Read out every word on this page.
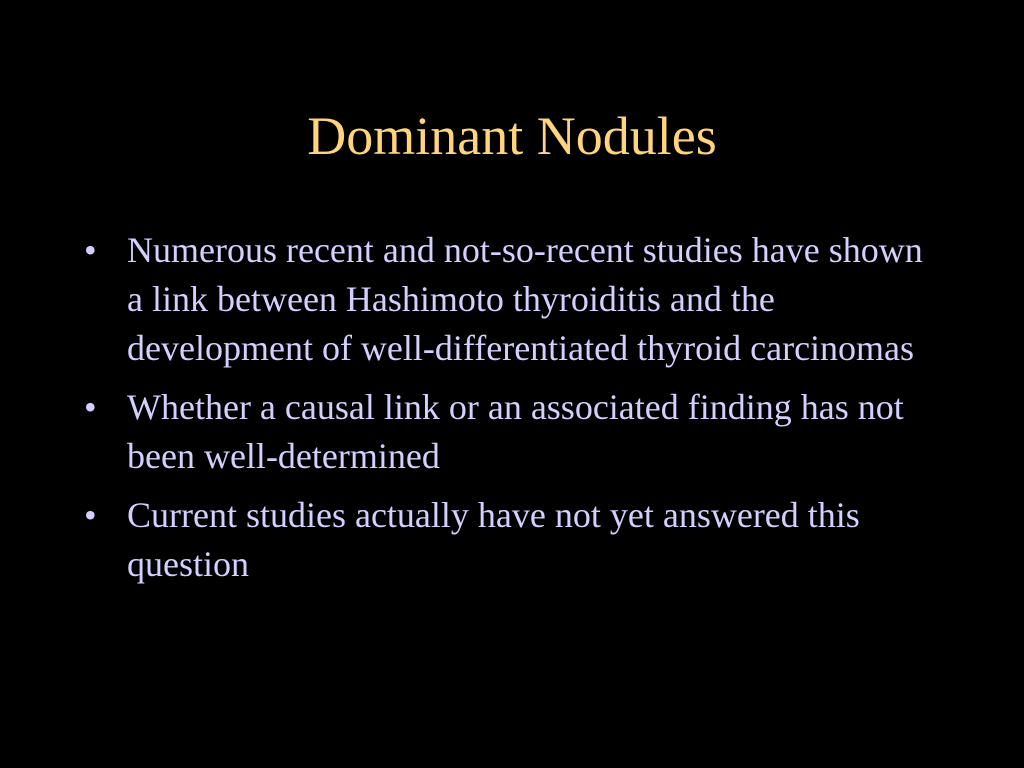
Dominant Nodules
• Numerous recent and not-so-recent studies have shown a link between Hashimoto thyroiditis and the development of well-differentiated thyroid carcinomas
• Whether a causal link or an associated finding has not been well-determined
• Current studies actually have not yet answered this question
